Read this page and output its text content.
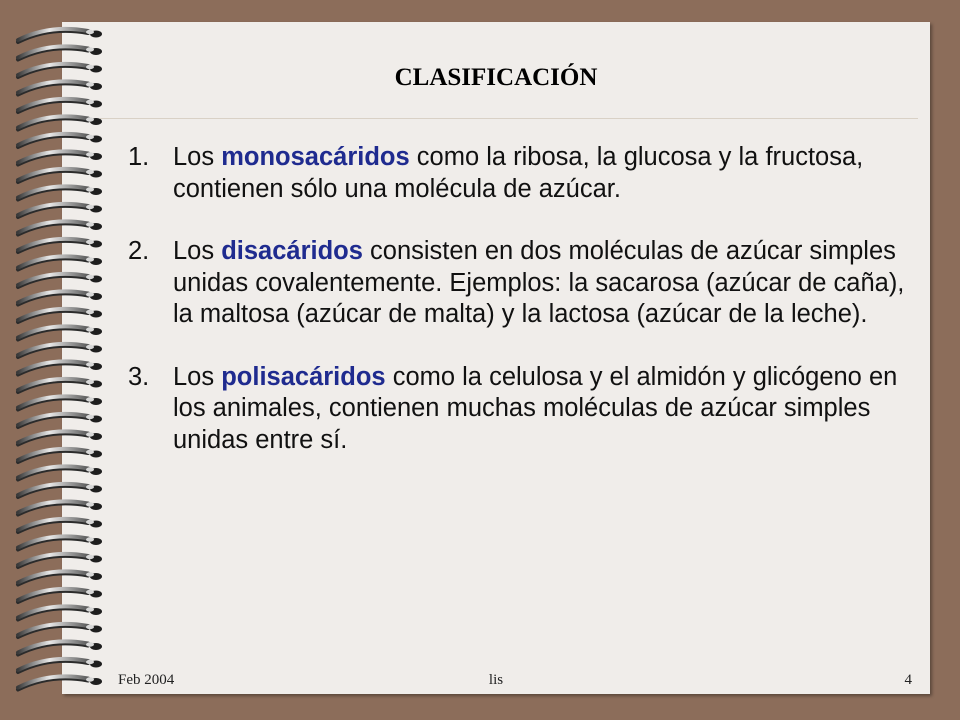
CLASIFICACIÓN
1. Los monosacáridos como la ribosa, la glucosa y la fructosa, contienen sólo una molécula de azúcar.
2. Los disacáridos consisten en dos moléculas de azúcar simples unidas covalentemente. Ejemplos: la sacarosa (azúcar de caña), la maltosa (azúcar de malta) y la lactosa (azúcar de la leche).
3. Los polisacáridos como la celulosa y el almidón y glicógeno en los animales, contienen muchas moléculas de azúcar simples unidas entre sí.
Feb 2004	lis	4
